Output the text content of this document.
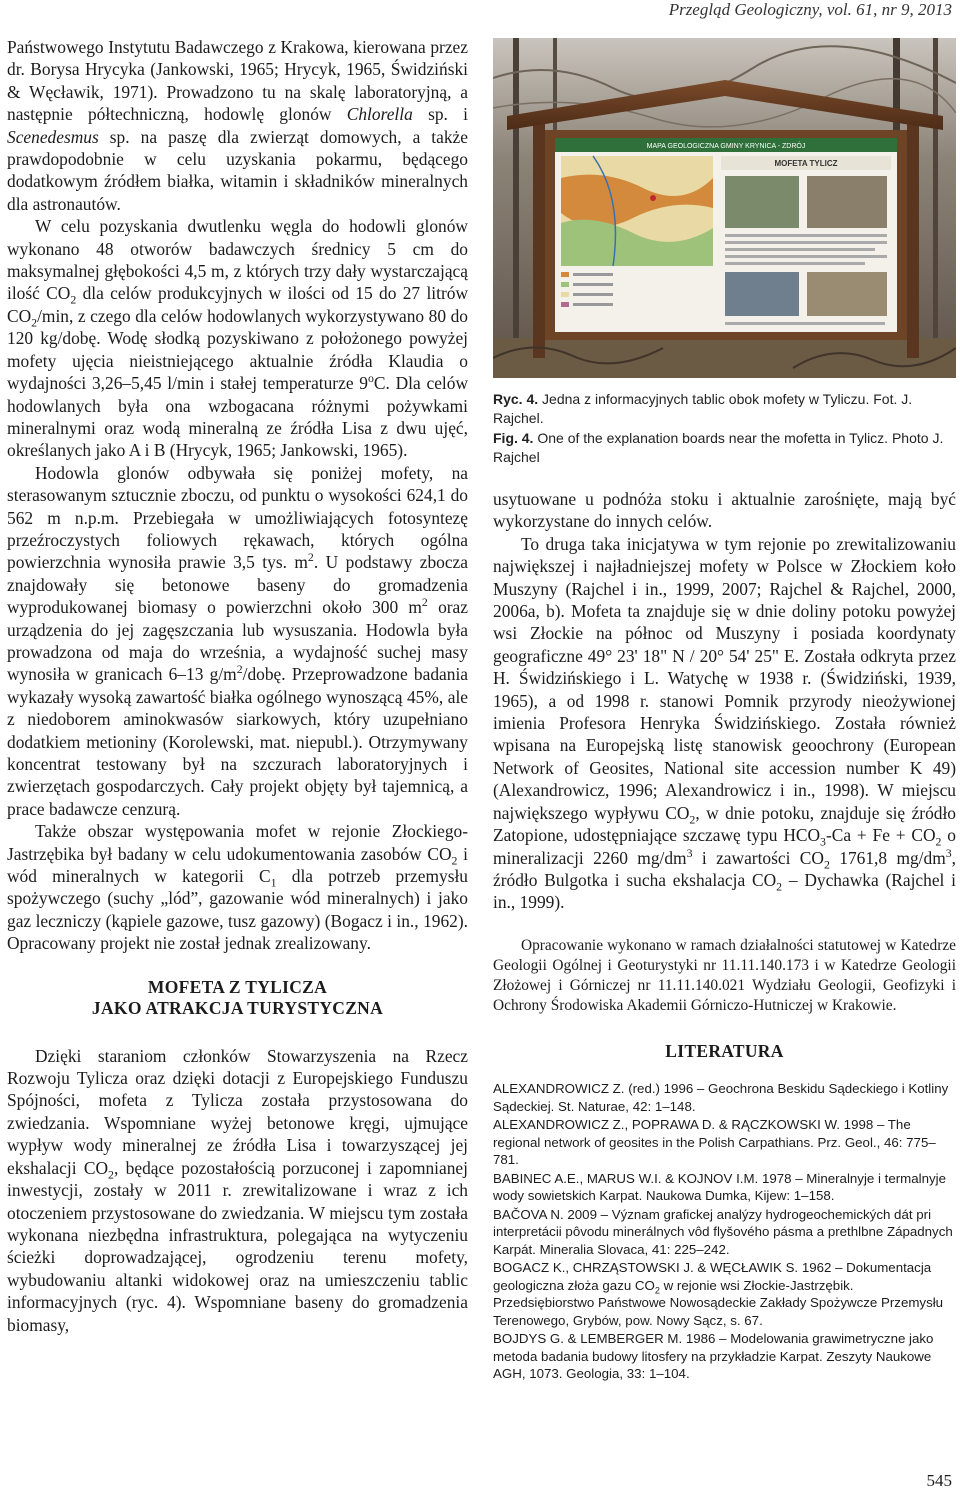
Przegląd Geologiczny, vol. 61, nr 9, 2013

Państwowego Instytutu Badawczego z Krakowa, kierowana przez dr. Borysa Hrycyka (Jankowski, 1965; Hrycyk, 1965, Świdziński & Węcławik, 1971). Prowadzono tu na skalę laboratoryjną, a następnie półtechniczną, hodowlę glonów Chlorella sp. i Scenedesmus sp. na paszę dla zwierząt domowych, a także prawdopodobnie w celu uzyskania pokarmu, będącego dodatkowym źródłem białka, witamin i składników mineralnych dla astronautów.

W celu pozyskania dwutlenku węgla do hodowli glonów wykonano 48 otworów badawczych średnicy 5 cm do maksymalnej głębokości 4,5 m, z których trzy dały wystarczającą ilość $CO_2$ dla celów produkcyjnych w ilości od 15 do 27 litrów $CO_2/\min$, z czego dla celów hodowlanych wykorzystywano 80 do 120 kg/dobę. Wodę słodką pozyskiwano z położonego powyżej mofety ujęcia nieistniejącego aktualnie źródła Klaudia o wydajności 3,26–5,45 l/min i stałej temperaturze 9$^o$C. Dla celów hodowlanych była ona wzbogacana różnymi pożywkami mineralnymi oraz wodą mineralną ze źródła Lisa z dwu ujęć, określanych jako A i B (Hrycyk, 1965; Jankowski, 1965).

Hodowla glonów odbywała się poniżej mofety, na sterasowanym sztucznie zboczu, od punktu o wysokości 624,1 do 562 m n.p.m. Przebiegała w umożliwiających fotosyntezę przeźroczystych foliowych rękawach, których ogólna powierzchnia wynosiła prawie 3,5 tys. $m^2$. U podstawy zbocza znajdowały się betonowe baseny do gromadzenia wyprodukowanej biomasy o powierzchni około 300 $m^2$ oraz urządzenia do jej zagęszczania lub wysuszania. Hodowla była prowadzona od maja do września, a wydajność suchej masy wynosiła w granicach 6–13 $g/m^2$/dobę. Przeprowadzone badania wykazały wysoką zawartość białka ogólnego wynoszącą 45%, ale z niedoborem aminokwasów siarkowych, który uzupełniano dodatkiem metioniny (Korolewski, mat. niepubl.). Otrzymywany koncentrat testowany był na szczurach laboratoryjnych i zwierzętach gospodarczych. Cały projekt objęty był tajemnicą, a prace badawcze cenzurą.

Także obszar występowania mofet w rejonie Złockiego-Jastrzębika był badany w celu udokumentowania zasobów $CO_2$ i wód mineralnych w kategorii $C_1$ dla potrzeb przemysłu spożywczego (suchy „lód”, gazowanie wód mineralnych) i jako gaz leczniczy (kąpiele gazowe, tusz gazowy) (Bogacz i in., 1962). Opracowany projekt nie został jednak zrealizowany.

MOFETA Z TYLICZA
JAKO ATRAKCJA TURYSTYCZNA

Dzięki staraniom członków Stowarzyszenia na Rzecz Rozwoju Tylicza oraz dzięki dotacji z Europejskiego Funduszu Spójności, mofeta z Tylicza została przystosowana do zwiedzania. Wspomniane wyżej betonowe kręgi, ujmujące wypływ wody mineralnej ze źródła Lisa i towarzyszącej jej ekshalacji $CO_2$, będące pozostałością porzuconej i zapomnianej inwestycji, zostały w 2011 r. zrewitalizowane i wraz z ich otoczeniem przystosowane do zwiedzania. W miejscu tym została wykonana niezbędna infrastruktura, polegająca na wytyczeniu ścieżki doprowadzającej, ogrodzeniu terenu mofety, wybudowaniu altanki widokowej oraz na umieszczeniu tablic informacyjnych (ryc. 4). Wspomniane baseny do gromadzenia biomasy,

MAPA GEOLOGICZNA GMINY KRYNICA - ZDRÓJ
MOFETA TYLICZ
Ryc. 4. Jedna z informacyjnych tablic obok mofety w Tyliczu. Fot. J. Rajchel.
Fig. 4. One of the explanation boards near the mofetta in Tylicz. Photo J. Rajchel

usytuowane u podnóża stoku i aktualnie zarośnięte, mają być wykorzystane do innych celów.

To druga taka inicjatywa w tym rejonie po zrewitalizowaniu największej i najładniejszej mofety w Polsce w Złockiem koło Muszyny (Rajchel i in., 1999, 2007; Rajchel & Rajchel, 2000, 2006a, b). Mofeta ta znajduje się w dnie doliny potoku powyżej wsi Złockie na północ od Muszyny i posiada koordynaty geograficzne 49° 23' 18" N / 20° 54' 25" E. Została odkryta przez H. Świdzińskiego i L. Watychę w 1938 r. (Świdziński, 1939, 1965), a od 1998 r. stanowi Pomnik przyrody nieożywionej imienia Profesora Henryka Świdzińskiego. Została również wpisana na Europejską listę stanowisk geoochrony (European Network of Geosites, National site accession number K 49) (Alexandrowicz, 1996; Alexandrowicz i in., 1998). W miejscu największego wypływu $CO_2$, w dnie potoku, znajduje się źródło Zatopione, udostępniające szczawę typu $HCO_3-Ca + Fe + CO_2$ o mineralizacji 2260 $mg/dm^3$ i zawartości $CO_2$ 1761,8 $mg/dm^3$, źródło Bulgotka i sucha ekshalacja $CO_2$ – Dychawka (Rajchel i in., 1999).

Opracowanie wykonano w ramach działalności statutowej w Katedrze Geologii Ogólnej i Geoturystyki nr 11.11.140.173 i w Katedrze Geologii Złożowej i Górniczej nr 11.11.140.021 Wydziału Geologii, Geofizyki i Ochrony Środowiska Akademii Górniczo-Hutniczej w Krakowie.

LITERATURA

ALEXANDROWICZ Z. (red.) 1996 – Geochrona Beskidu Sądeckiego i Kotliny Sądeckiej. St. Naturae, 42: 1–148.

ALEXANDROWICZ Z., POPRAWA D. & RĄCZKOWSKI W. 1998 – The regional network of geosites in the Polish Carpathians. Prz. Geol., 46: 775–781.

BABINEC A.E., MARUS W.I. & KOJNOV I.M. 1978 – Mineralnyje i termalnyje wody sowietskich Karpat. Naukowa Dumka, Kijew: 1–158.

BAČOVA N. 2009 – Význam grafickej analýzy hydrogeochemických dát pri interpretácii pôvodu minerálnych vôd flyšového pásma a prethlbne Západnych Karpát. Mineralia Slovaca, 41: 225–242.

BOGACZ K., CHRZĄSTOWSKI J. & WĘCŁAWIK S. 1962 – Dokumentacja geologiczna złoża gazu $CO_2$ w rejonie wsi Złockie-Jastrzębik. Przedsiębiorstwo Państwowe Nowosądeckie Zakłady Spożywcze Przemysłu Terenowego, Grybów, pow. Nowy Sącz, s. 67.

BOJDYS G. & LEMBERGER M. 1986 – Modelowania grawimetryczne jako metoda badania budowy litosfery na przykładzie Karpat. Zeszyty Naukowe AGH, 1073. Geologia, 33: 1–104.

545
